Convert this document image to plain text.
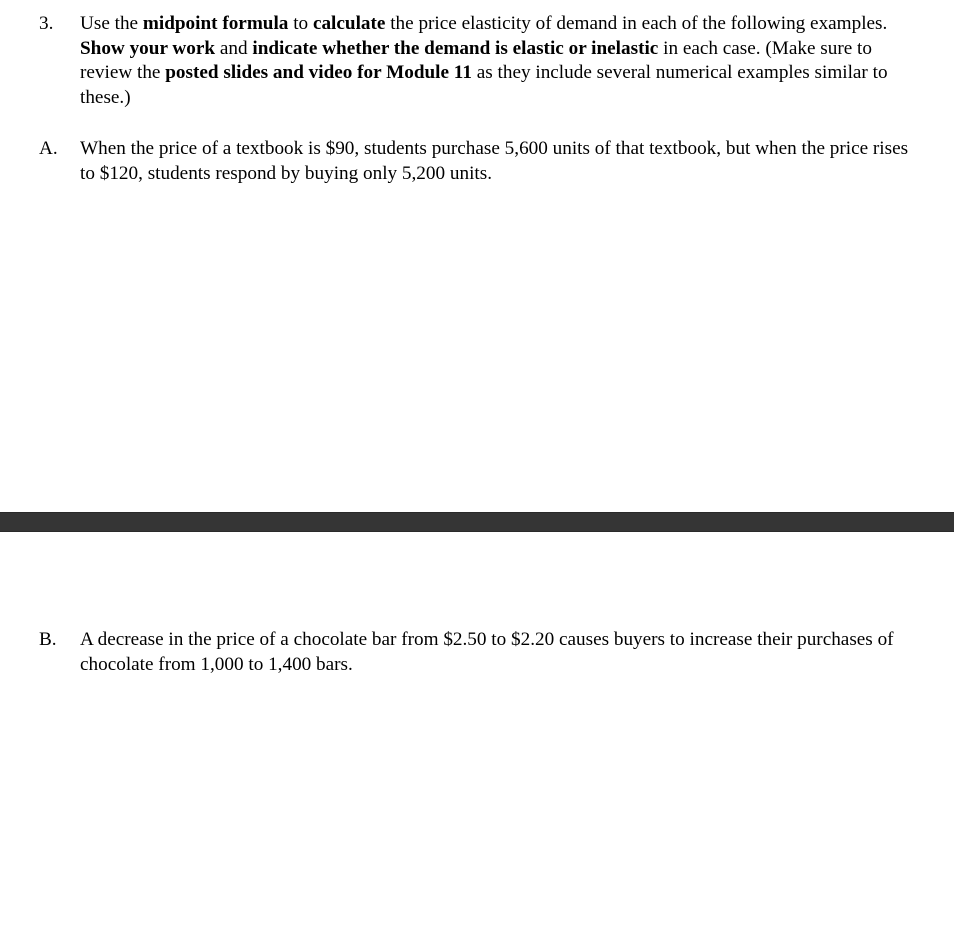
3.	Use the midpoint formula to calculate the price elasticity of demand in each of the following examples. Show your work and indicate whether the demand is elastic or inelastic in each case. (Make sure to review the posted slides and video for Module 11 as they include several numerical examples similar to these.)
A.	When the price of a textbook is $90, students purchase 5,600 units of that textbook, but when the price rises to $120, students respond by buying only 5,200 units.
B.	A decrease in the price of a chocolate bar from $2.50 to $2.20 causes buyers to increase their purchases of chocolate from 1,000 to 1,400 bars.
